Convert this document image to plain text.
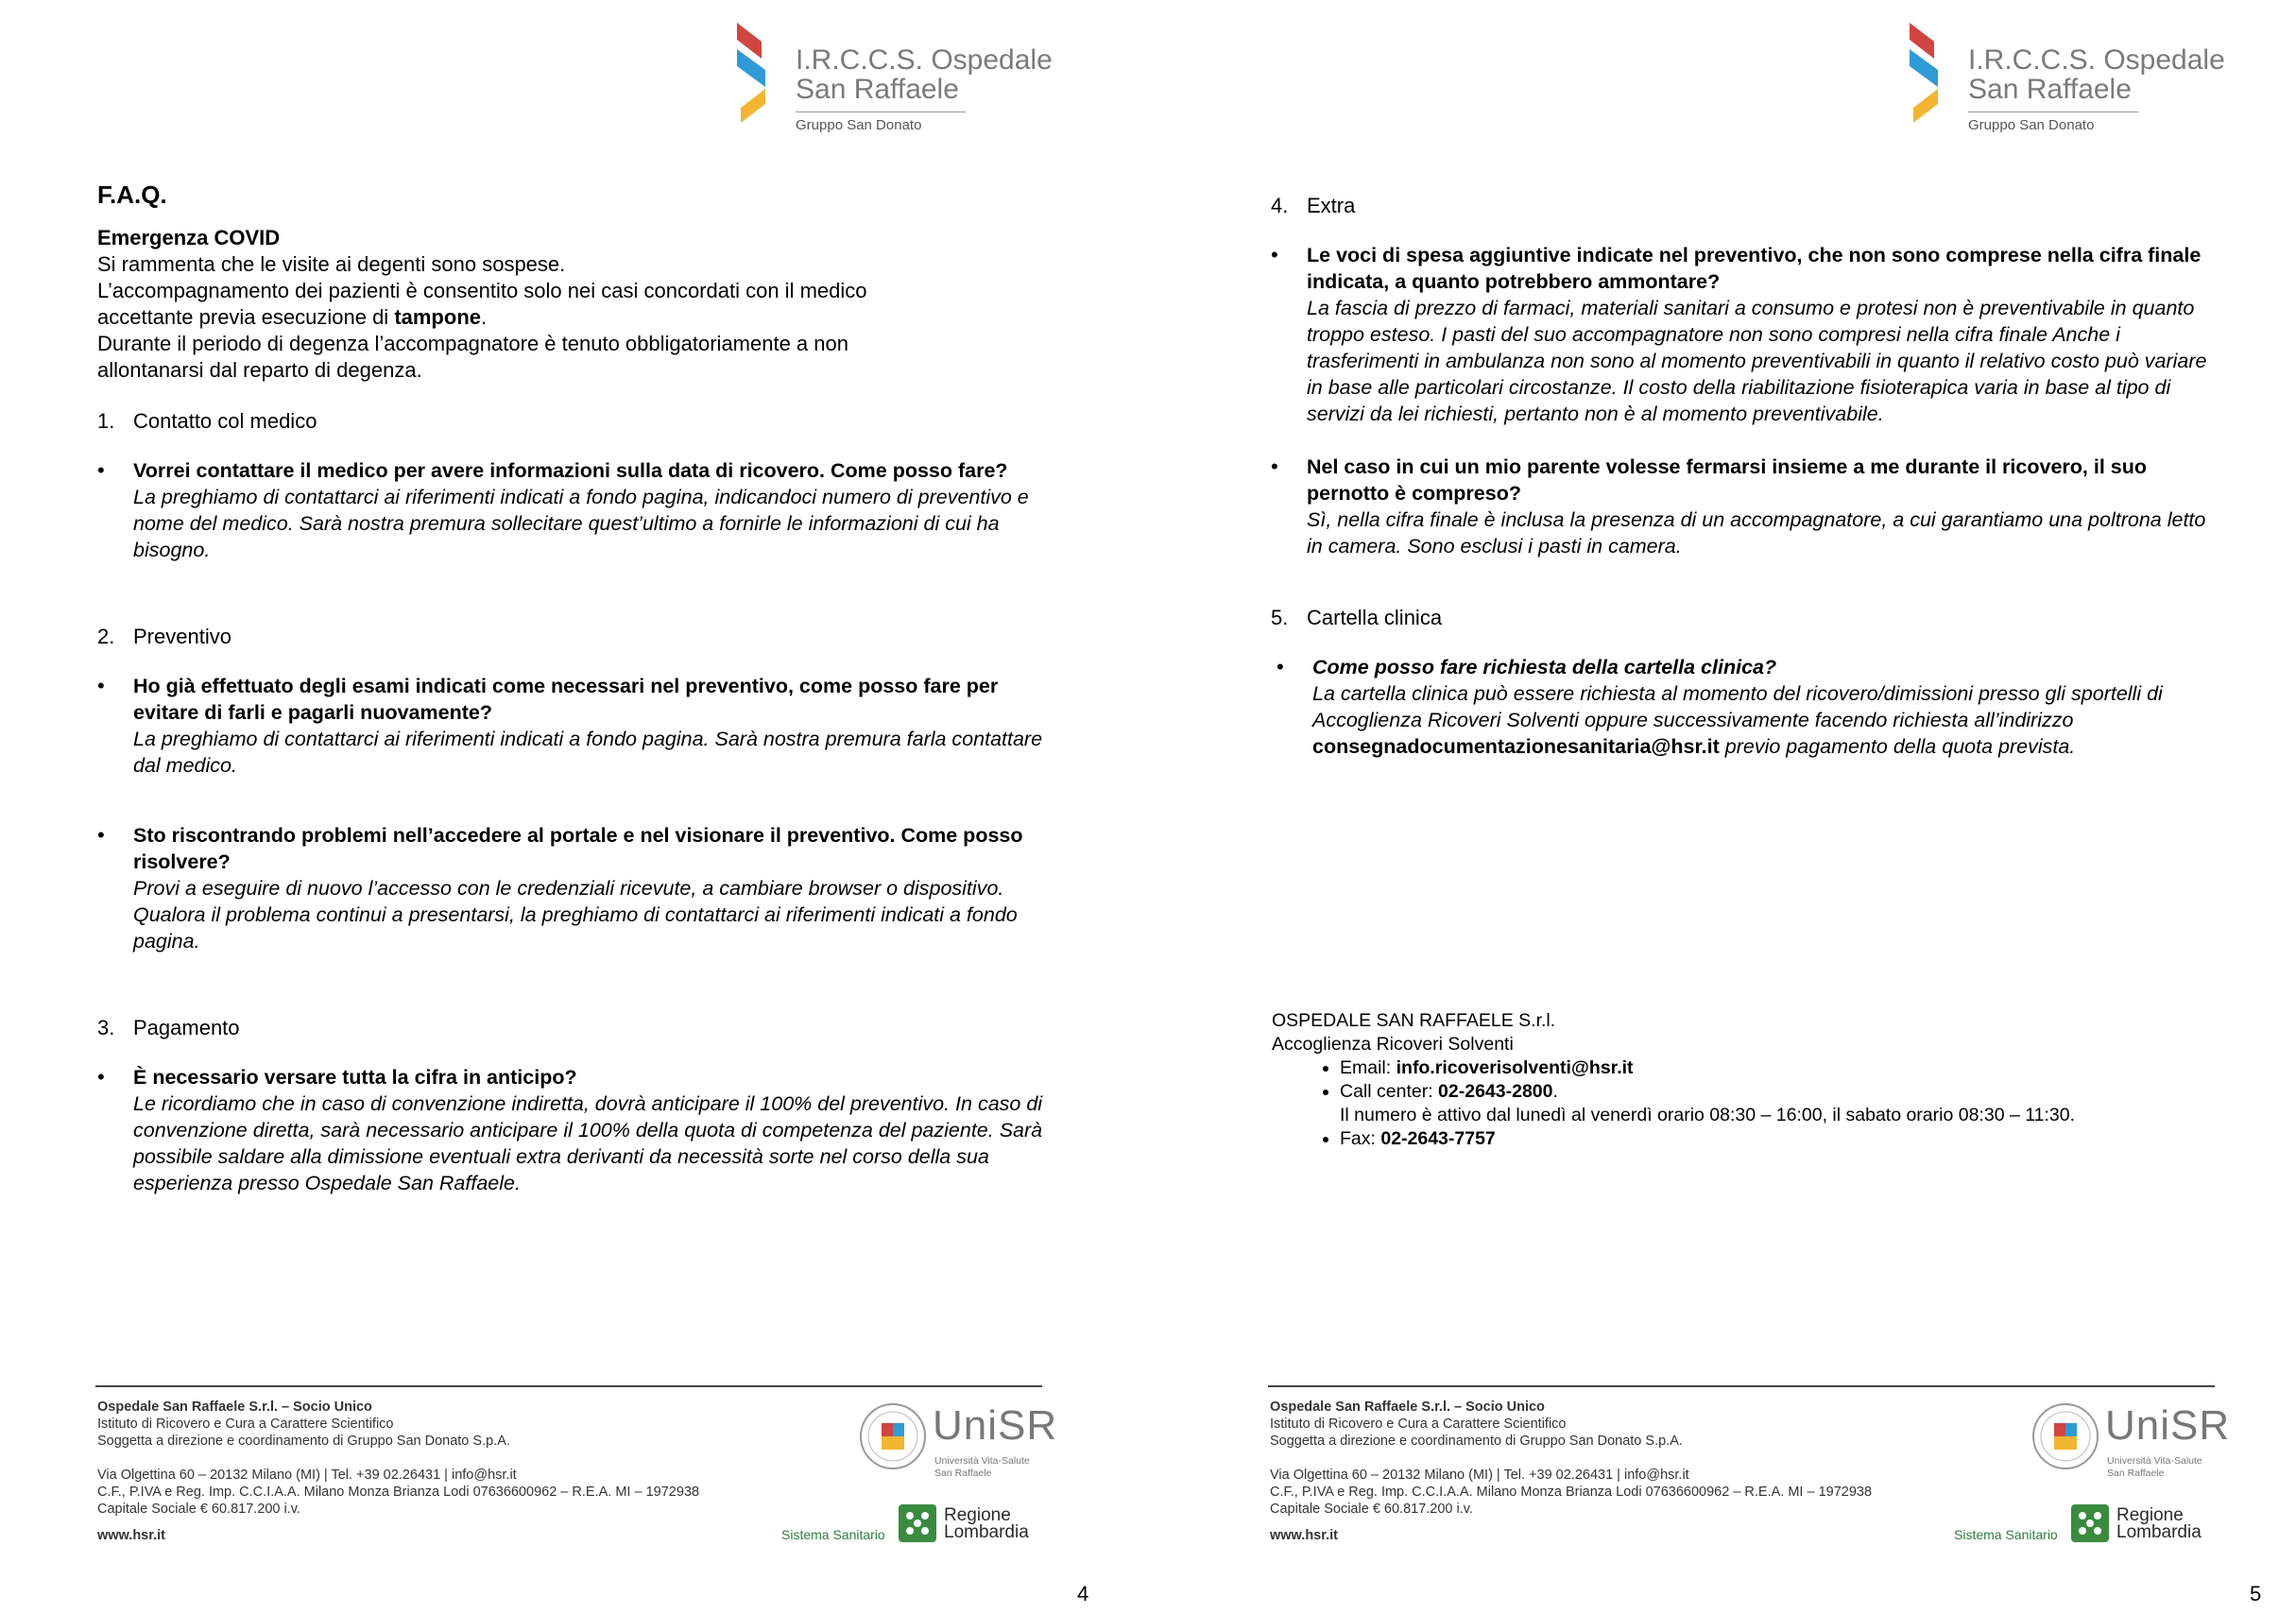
I.R.C.C.S. Ospedale
San Raffaele
Gruppo San Donato
F.A.Q.
Emergenza COVID
Si rammenta che le visite ai degenti sono sospese.
L’accompagnamento dei pazienti è consentito solo nei casi concordati con il medico
accettante previa esecuzione di tampone.
Durante il periodo di degenza l’accompagnatore è tenuto obbligatoriamente a non
allontanarsi dal reparto di degenza.
1. Contatto col medico
• Vorrei contattare il medico per avere informazioni sulla data di ricovero. Come posso fare?
La preghiamo di contattarci ai riferimenti indicati a fondo pagina, indicandoci numero di preventivo e nome del medico. Sarà nostra premura sollecitare quest’ultimo a fornirle le informazioni di cui ha bisogno.
2. Preventivo
• Ho già effettuato degli esami indicati come necessari nel preventivo, come posso fare per evitare di farli e pagarli nuovamente?
La preghiamo di contattarci ai riferimenti indicati a fondo pagina. Sarà nostra premura farla contattare dal medico.
• Sto riscontrando problemi nell’accedere al portale e nel visionare il preventivo. Come posso risolvere?
Provi a eseguire di nuovo l’accesso con le credenziali ricevute, a cambiare browser o dispositivo. Qualora il problema continui a presentarsi, la preghiamo di contattarci ai riferimenti indicati a fondo pagina.
3. Pagamento
• È necessario versare tutta la cifra in anticipo?
Le ricordiamo che in caso di convenzione indiretta, dovrà anticipare il 100% del preventivo. In caso di convenzione diretta, sarà necessario anticipare il 100% della quota di competenza del paziente. Sarà possibile saldare alla dimissione eventuali extra derivanti da necessità sorte nel corso della sua esperienza presso Ospedale San Raffaele.
Ospedale San Raffaele S.r.l. – Socio Unico
Istituto di Ricovero e Cura a Carattere Scientifico
Soggetta a direzione e coordinamento di Gruppo San Donato S.p.A.
Via Olgettina 60 – 20132 Milano (MI) | Tel. +39 02.26431 | info@hsr.it
C.F., P.IVA e Reg. Imp. C.C.I.A.A. Milano Monza Brianza Lodi 07636600962 – R.E.A. MI – 1972938
Capitale Sociale € 60.817.200 i.v.
www.hsr.it
UniSR
Università Vita-Salute
San Raffaele
Sistema Sanitario
Regione
Lombardia
4
I.R.C.C.S. Ospedale
San Raffaele
Gruppo San Donato
4. Extra
• Le voci di spesa aggiuntive indicate nel preventivo, che non sono comprese nella cifra finale indicata, a quanto potrebbero ammontare?
La fascia di prezzo di farmaci, materiali sanitari a consumo e protesi non è preventivabile in quanto troppo esteso. I pasti del suo accompagnatore non sono compresi nella cifra finale Anche i trasferimenti in ambulanza non sono al momento preventivabili in quanto il relativo costo può variare in base alle particolari circostanze. Il costo della riabilitazione fisioterapica varia in base al tipo di servizi da lei richiesti, pertanto non è al momento preventivabile.
• Nel caso in cui un mio parente volesse fermarsi insieme a me durante il ricovero, il suo pernotto è compreso?
Sì, nella cifra finale è inclusa la presenza di un accompagnatore, a cui garantiamo una poltrona letto in camera. Sono esclusi i pasti in camera.
5. Cartella clinica
• Come posso fare richiesta della cartella clinica?
La cartella clinica può essere richiesta al momento del ricovero/dimissioni presso gli sportelli di Accoglienza Ricoveri Solventi oppure successivamente facendo richiesta all’indirizzo consegnadocumentazionesanitaria@hsr.it previo pagamento della quota prevista.
OSPEDALE SAN RAFFAELE S.r.l.
Accoglienza Ricoveri Solventi
• Email: info.ricoverisolventi@hsr.it
• Call center: 02-2643-2800.
Il numero è attivo dal lunedì al venerdì orario 08:30 – 16:00, il sabato orario 08:30 – 11:30.
• Fax: 02-2643-7757
Ospedale San Raffaele S.r.l. – Socio Unico
Istituto di Ricovero e Cura a Carattere Scientifico
Soggetta a direzione e coordinamento di Gruppo San Donato S.p.A.
Via Olgettina 60 – 20132 Milano (MI) | Tel. +39 02.26431 | info@hsr.it
C.F., P.IVA e Reg. Imp. C.C.I.A.A. Milano Monza Brianza Lodi 07636600962 – R.E.A. MI – 1972938
Capitale Sociale € 60.817.200 i.v.
www.hsr.it
UniSR
Università Vita-Salute
San Raffaele
Sistema Sanitario
Regione
Lombardia
5
